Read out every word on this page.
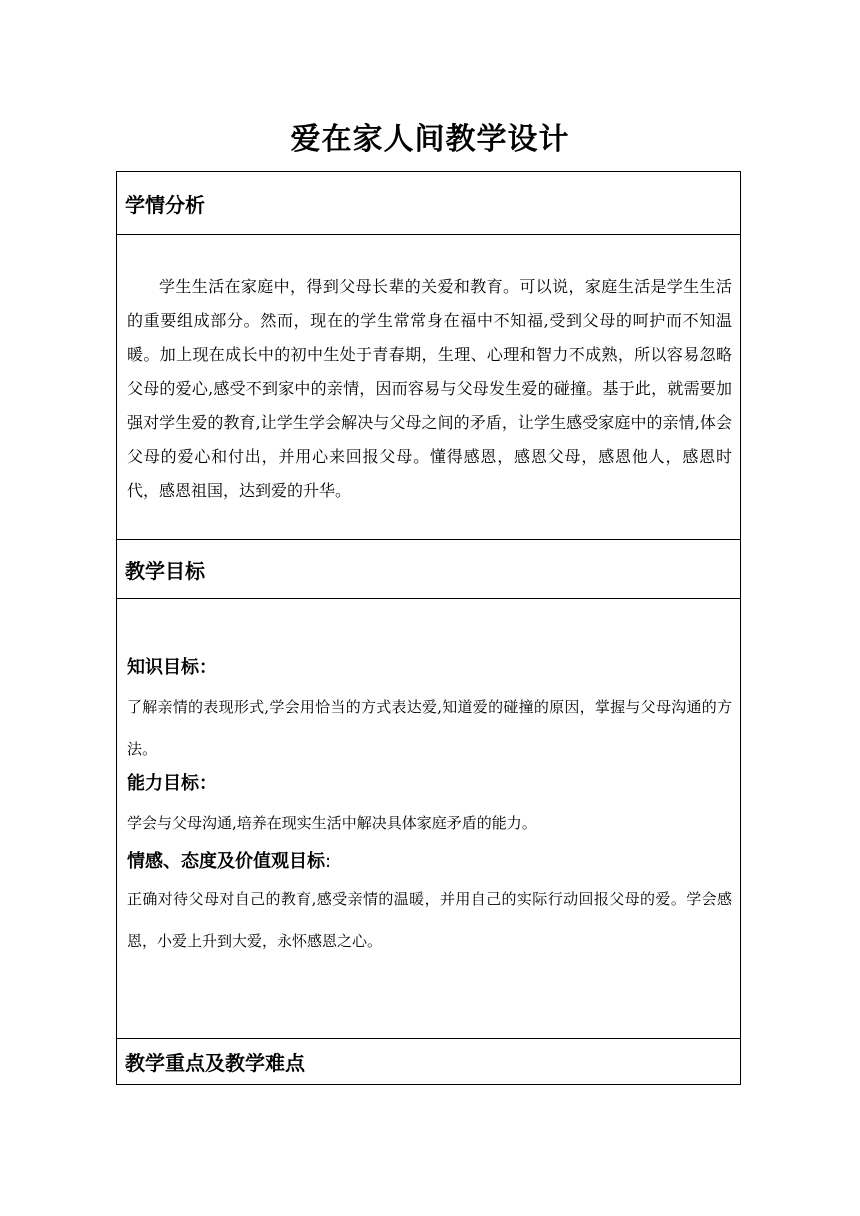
爱在家人间教学设计
学情分析

学生生活在家庭中，得到父母长辈的关爱和教育。可以说，家庭生活是学生生活的重要组成部分。然而，现在的学生常常身在福中不知福,受到父母的呵护而不知温暖。加上现在成长中的初中生处于青春期，生理、心理和智力不成熟，所以容易忽略父母的爱心,感受不到家中的亲情，因而容易与父母发生爱的碰撞。基于此，就需要加强对学生爱的教育,让学生学会解决与父母之间的矛盾，让学生感受家庭中的亲情,体会父母的爱心和付出，并用心来回报父母。懂得感恩，感恩父母，感恩他人，感恩时代，感恩祖国，达到爱的升华。

教学目标

知识目标：

了解亲情的表现形式,学会用恰当的方式表达爱,知道爱的碰撞的原因，掌握与父母沟通的方法。

能力目标：

学会与父母沟通,培养在现实生活中解决具体家庭矛盾的能力。

情感、态度及价值观目标:

正确对待父母对自己的教育,感受亲情的温暖，并用自己的实际行动回报父母的爱。学会感恩，小爱上升到大爱，永怀感恩之心。

教学重点及教学难点
